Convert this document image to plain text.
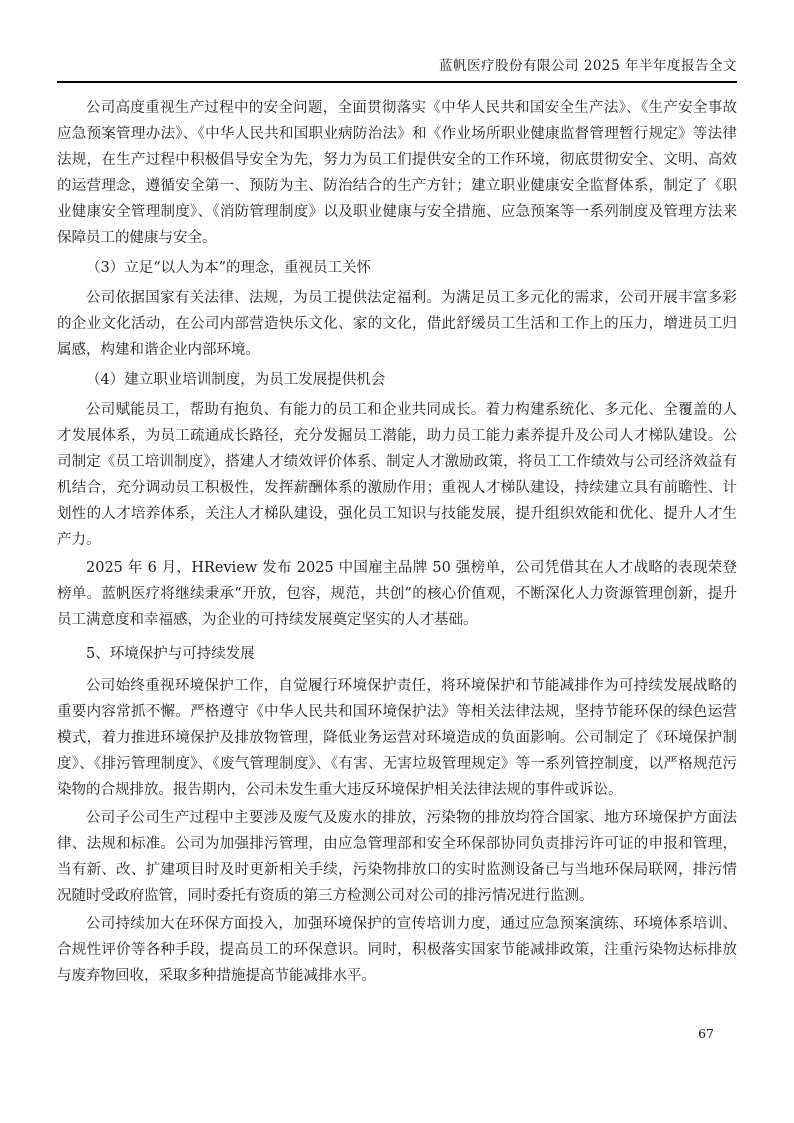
蓝帆医疗股份有限公司 2025 年半年度报告全文

公司高度重视生产过程中的安全问题，全面贯彻落实《中华人民共和国安全生产法》、《生产安全事故应急预案管理办法》、《中华人民共和国职业病防治法》和《作业场所职业健康监督管理暂行规定》等法律法规，在生产过程中积极倡导安全为先，努力为员工们提供安全的工作环境，彻底贯彻安全、文明、高效的运营理念，遵循安全第一、预防为主、防治结合的生产方针；建立职业健康安全监督体系，制定了《职业健康安全管理制度》、《消防管理制度》以及职业健康与安全措施、应急预案等一系列制度及管理方法来保障员工的健康与安全。

（3）立足“以人为本”的理念，重视员工关怀

公司依据国家有关法律、法规，为员工提供法定福利。为满足员工多元化的需求，公司开展丰富多彩的企业文化活动，在公司内部营造快乐文化、家的文化，借此舒缓员工生活和工作上的压力，增进员工归属感，构建和谐企业内部环境。

（4）建立职业培训制度，为员工发展提供机会

公司赋能员工，帮助有抱负、有能力的员工和企业共同成长。着力构建系统化、多元化、全覆盖的人才发展体系，为员工疏通成长路径，充分发掘员工潜能，助力员工能力素养提升及公司人才梯队建设。公司制定《员工培训制度》，搭建人才绩效评价体系、制定人才激励政策，将员工工作绩效与公司经济效益有机结合，充分调动员工积极性，发挥薪酬体系的激励作用；重视人才梯队建设，持续建立具有前瞻性、计划性的人才培养体系，关注人才梯队建设，强化员工知识与技能发展，提升组织效能和优化、提升人才生产力。

2025 年 6 月，HReview 发布 2025 中国雇主品牌 50 强榜单，公司凭借其在人才战略的表现荣登榜单。蓝帆医疗将继续秉承“开放，包容，规范，共创”的核心价值观，不断深化人力资源管理创新，提升员工满意度和幸福感，为企业的可持续发展奠定坚实的人才基础。

5、环境保护与可持续发展

公司始终重视环境保护工作，自觉履行环境保护责任，将环境保护和节能减排作为可持续发展战略的重要内容常抓不懈。严格遵守《中华人民共和国环境保护法》等相关法律法规，坚持节能环保的绿色运营模式，着力推进环境保护及排放物管理，降低业务运营对环境造成的负面影响。公司制定了《环境保护制度》、《排污管理制度》、《废气管理制度》、《有害、无害垃圾管理规定》等一系列管控制度，以严格规范污染物的合规排放。报告期内，公司未发生重大违反环境保护相关法律法规的事件或诉讼。

公司子公司生产过程中主要涉及废气及废水的排放，污染物的排放均符合国家、地方环境保护方面法律、法规和标准。公司为加强排污管理，由应急管理部和安全环保部协同负责排污许可证的申报和管理，当有新、改、扩建项目时及时更新相关手续，污染物排放口的实时监测设备已与当地环保局联网，排污情况随时受政府监管，同时委托有资质的第三方检测公司对公司的排污情况进行监测。

公司持续加大在环保方面投入，加强环境保护的宣传培训力度，通过应急预案演练、环境体系培训、合规性评价等各种手段，提高员工的环保意识。同时，积极落实国家节能减排政策，注重污染物达标排放与废弃物回收，采取多种措施提高节能减排水平。

67
